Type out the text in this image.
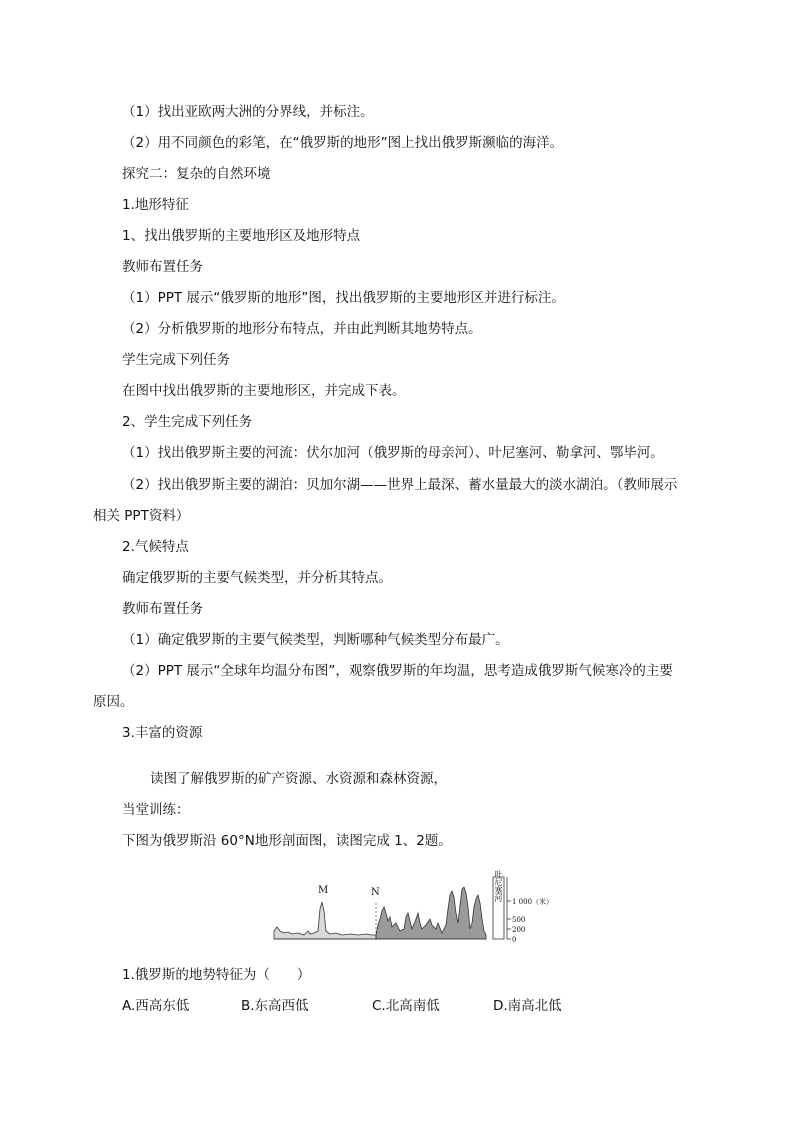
（1）找出亚欧两大洲的分界线，并标注。
（2）用不同颜色的彩笔，在“俄罗斯的地形”图上找出俄罗斯濒临的海洋。
探究二：复杂的自然环境
1.地形特征
1、找出俄罗斯的主要地形区及地形特点
教师布置任务
（1）PPT 展示“俄罗斯的地形”图，找出俄罗斯的主要地形区并进行标注。
（2）分析俄罗斯的地形分布特点，并由此判断其地势特点。
学生完成下列任务
在图中找出俄罗斯的主要地形区，并完成下表。
2、学生完成下列任务
（1）找出俄罗斯主要的河流：伏尔加河（俄罗斯的母亲河）、叶尼塞河、勒拿河、鄂毕河。
（2）找出俄罗斯主要的湖泊：贝加尔湖——世界上最深、蓄水量最大的淡水湖泊。（教师展示
相关 PPT资料）
2.气候特点
确定俄罗斯的主要气候类型，并分析其特点。
教师布置任务
（1）确定俄罗斯的主要气候类型，判断哪种气候类型分布最广。
（2）PPT 展示“全球年均温分布图”，观察俄罗斯的年均温，思考造成俄罗斯气候寒冷的主要
原因。
3.丰富的资源
读图了解俄罗斯的矿产资源、水资源和森林资源，
当堂训练：
下图为俄罗斯沿 60°N地形剖面图，读图完成 1、2题。
叶尼塞河 1 000（米）
500
200
0
M	N
1.俄罗斯的地势特征为（　　）
A.西高东低	B.东高西低	C.北高南低	D.南高北低
